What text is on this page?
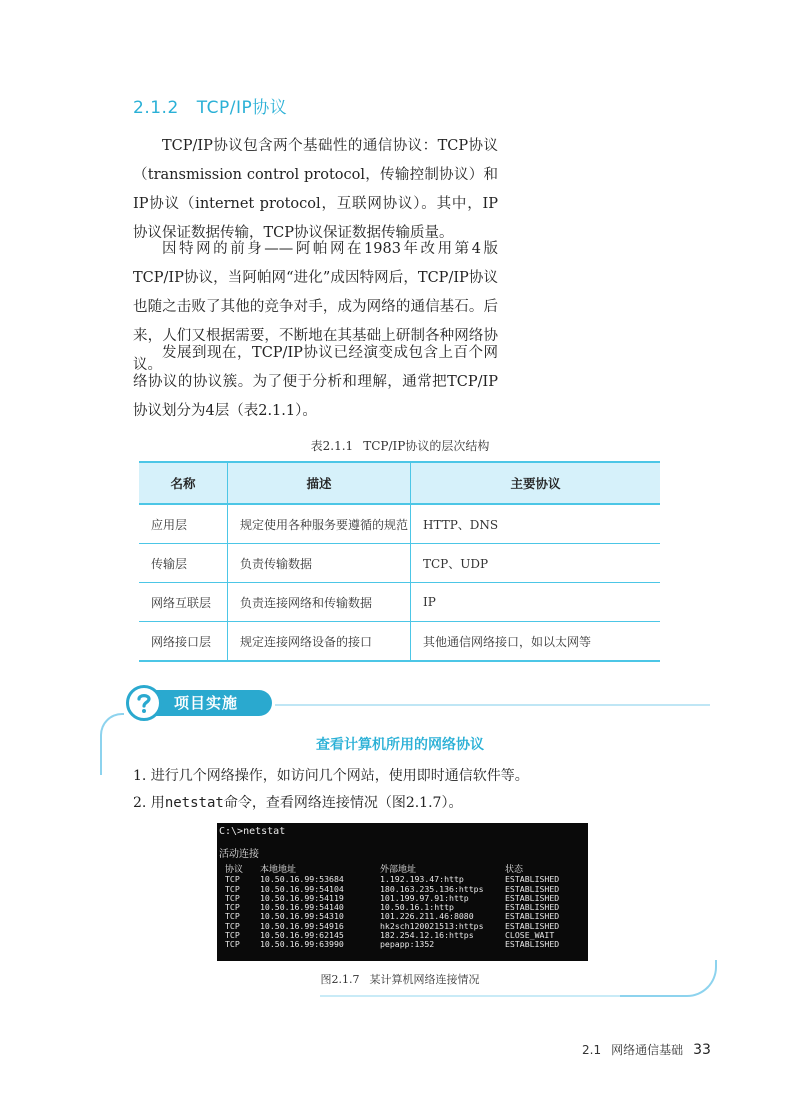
2.1.2 TCP/IP协议

TCP/IP协议包含两个基础性的通信协议：TCP协议（transmission control protocol，传输控制协议）和IP协议（internet protocol，互联网协议）。其中，IP协议保证数据传输，TCP协议保证数据传输质量。

因特网的前身——阿帕网在1983年改用第4版TCP/IP协议，当阿帕网“进化”成因特网后，TCP/IP协议也随之击败了其他的竞争对手，成为网络的通信基石。后来，人们又根据需要，不断地在其基础上研制各种网络协议。

发展到现在，TCP/IP协议已经演变成包含上百个网络协议的协议簇。为了便于分析和理解，通常把TCP/IP协议划分为4层（表2.1.1）。

表2.1.1 TCP/IP协议的层次结构
名称	描述	主要协议
应用层	规定使用各种服务要遵循的规范	HTTP、DNS
传输层	负责传输数据	TCP、UDP
网络互联层	负责连接网络和传输数据	IP
网络接口层	规定连接网络设备的接口	其他通信网络接口，如以太网等
项目实施
查看计算机所用的网络协议
1. 进行几个网络操作，如访问几个网站，使用即时通信软件等。
2. 用netstat命令，查看网络连接情况（图2.1.7）。
C:\>netstat
活动连接
协议	本地地址	外部地址	状态
TCP	10.50.16.99:53684	1.192.193.47:http	ESTABLISHED
TCP	10.50.16.99:54104	180.163.235.136:https	ESTABLISHED
TCP	10.50.16.99:54119	101.199.97.91:http	ESTABLISHED
TCP	10.50.16.99:54140	10.50.16.1:http	ESTABLISHED
TCP	10.50.16.99:54310	101.226.211.46:8080	ESTABLISHED
TCP	10.50.16.99:54916	hk2sch120021513:https	ESTABLISHED
TCP	10.50.16.99:62145	182.254.12.16:https	CLOSE_WAIT
TCP	10.50.16.99:63990	pepapp:1352	ESTABLISHED
图2.1.7 某计算机网络连接情况
2.1 网络通信基础 33
